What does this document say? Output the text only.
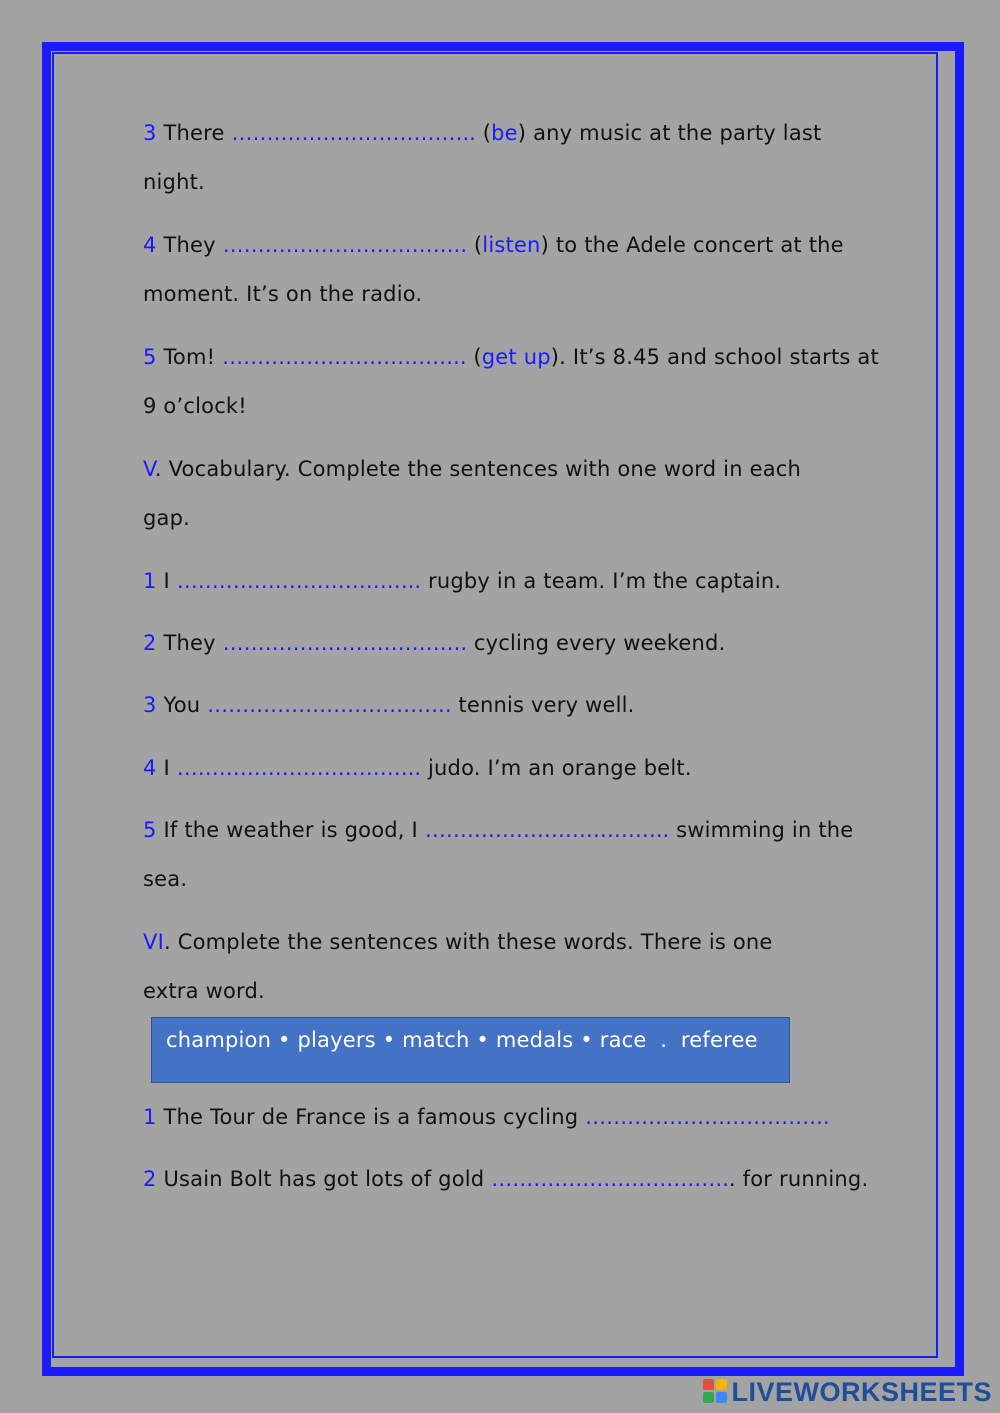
3 There …………………………….. (be) any music at the party last
night.
4 They …………………………….. (listen) to the Adele concert at the
moment. It’s on the radio.
5 Tom! …………………………….. (get up). It’s 8.45 and school starts at
9 o’clock!
V. Vocabulary. Complete the sentences with one word in each
gap.
1 I …………………………….. rugby in a team. I’m the captain.
2 They …………………………….. cycling every weekend.
3 You …………………………….. tennis very well.
4 I …………………………….. judo. I’m an orange belt.
5 If the weather is good, I …………………………….. swimming in the
sea.
VI. Complete the sentences with these words. There is one
extra word.
champion • players • match • medals • race  .  referee
1 The Tour de France is a famous cycling ……………………………..
2 Usain Bolt has got lots of gold …………………………….. for running.
LIVEWORKSHEETS
